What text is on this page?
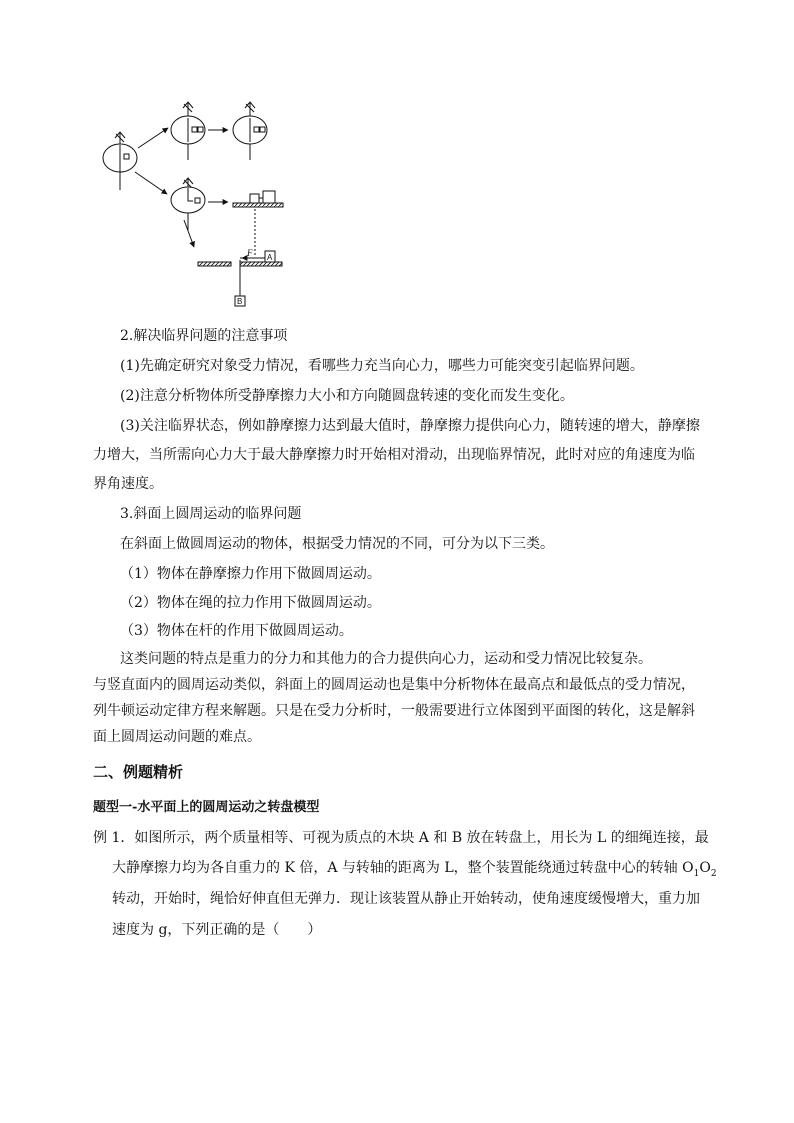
F A
B
2.解决临界问题的注意事项
(1)先确定研究对象受力情况，看哪些力充当向心力，哪些力可能突变引起临界问题。
(2)注意分析物体所受静摩擦力大小和方向随圆盘转速的变化而发生变化。
(3)关注临界状态，例如静摩擦力达到最大值时，静摩擦力提供向心力，随转速的增大，静摩擦
力增大，当所需向心力大于最大静摩擦力时开始相对滑动，出现临界情况，此时对应的角速度为临
界角速度。
3.斜面上圆周运动的临界问题
在斜面上做圆周运动的物体，根据受力情况的不同，可分为以下三类。
（1）物体在静摩擦力作用下做圆周运动。
（2）物体在绳的拉力作用下做圆周运动。
（3）物体在杆的作用下做圆周运动。
这类问题的特点是重力的分力和其他力的合力提供向心力，运动和受力情况比较复杂。
与竖直面内的圆周运动类似，斜面上的圆周运动也是集中分析物体在最高点和最低点的受力情况，
列牛顿运动定律方程来解题。只是在受力分析时，一般需要进行立体图到平面图的转化，这是解斜
面上圆周运动问题的难点。
二、例题精析
题型一-水平面上的圆周运动之转盘模型
例 1．如图所示，两个质量相等、可视为质点的木块 A 和 B 放在转盘上，用长为 L 的细绳连接，最
大静摩擦力均为各自重力的 K 倍，A 与转轴的距离为 L，整个装置能绕通过转盘中心的转轴 $O_1O_2$
转动，开始时，绳恰好伸直但无弹力．现让该装置从静止开始转动，使角速度缓慢增大，重力加
速度为 g，下列正确的是（　　）
